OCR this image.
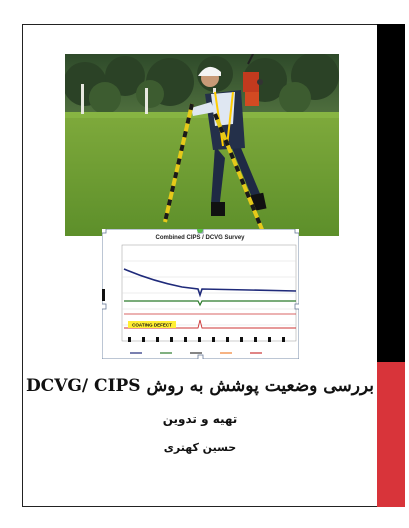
Combined CIPS / DCVG Survey
COATING DEFECT
بررسی وضعیت پوشش به روش DCVG/ CIPS
تهیه و تدوین
حسین کهتری
